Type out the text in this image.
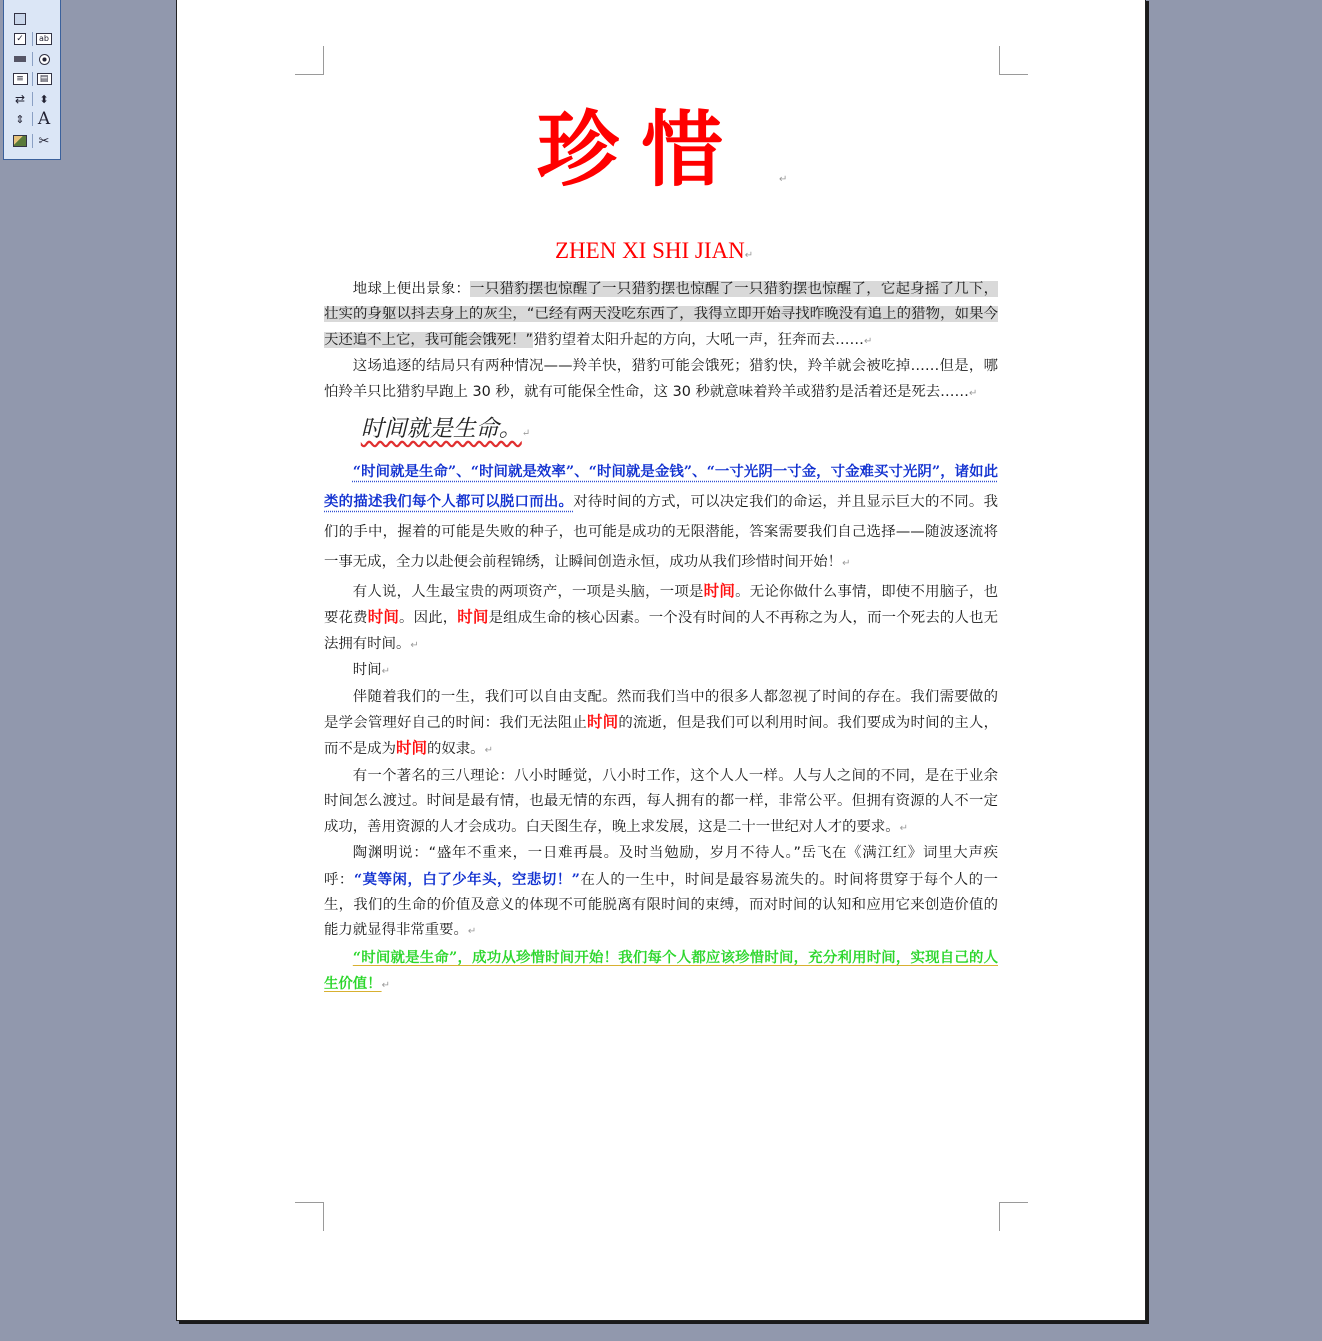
✓	ab
≡	▤
⇄ ⬍
⇕ A
✂	珍惜	↵
ZHEN XI SHI JIAN↵

地球上便出景象：一只猎豹摆也惊醒了一只猎豹摆也惊醒了一只猎豹摆也惊醒了，它起身摇了几下，壮实的身躯以抖去身上的灰尘，“已经有两天没吃东西了，我得立即开始寻找昨晚没有追上的猎物，如果今天还追不上它，我可能会饿死！”猎豹望着太阳升起的方向，大吼一声，狂奔而去……↵

这场追逐的结局只有两种情况——羚羊快，猎豹可能会饿死；猎豹快，羚羊就会被吃掉……但是，哪怕羚羊只比猎豹早跑上 30 秒，就有可能保全性命，这 30 秒就意味着羚羊或猎豹是活着还是死去……↵

时间就是生命。↵

“时间就是生命”、“时间就是效率”、“时间就是金钱”、“一寸光阴一寸金，寸金难买寸光阴”，诸如此类的描述我们每个人都可以脱口而出。对待时间的方式，可以决定我们的命运，并且显示巨大的不同。我们的手中，握着的可能是失败的种子，也可能是成功的无限潜能，答案需要我们自己选择——随波逐流将一事无成，全力以赴便会前程锦绣，让瞬间创造永恒，成功从我们珍惜时间开始！↵

有人说，人生最宝贵的两项资产，一项是头脑，一项是时间。无论你做什么事情，即使不用脑子，也要花费时间。因此，时间是组成生命的核心因素。一个没有时间的人不再称之为人，而一个死去的人也无法拥有时间。↵

时间↵

伴随着我们的一生，我们可以自由支配。然而我们当中的很多人都忽视了时间的存在。我们需要做的是学会管理好自己的时间：我们无法阻止时间的流逝，但是我们可以利用时间。我们要成为时间的主人，而不是成为时间的奴隶。↵

有一个著名的三八理论：八小时睡觉，八小时工作，这个人人一样。人与人之间的不同，是在于业余时间怎么渡过。时间是最有情，也最无情的东西，每人拥有的都一样，非常公平。但拥有资源的人不一定成功，善用资源的人才会成功。白天图生存，晚上求发展，这是二十一世纪对人才的要求。↵

陶渊明说：“盛年不重来，一日难再晨。及时当勉励，岁月不待人。”岳飞在《满江红》词里大声疾呼：“莫等闲，白了少年头，空悲切！”在人的一生中，时间是最容易流失的。时间将贯穿于每个人的一生，我们的生命的价值及意义的体现不可能脱离有限时间的束缚，而对时间的认知和应用它来创造价值的能力就显得非常重要。↵

“时间就是生命”，成功从珍惜时间开始！我们每个人都应该珍惜时间，充分利用时间，实现自己的人生价值！↵
